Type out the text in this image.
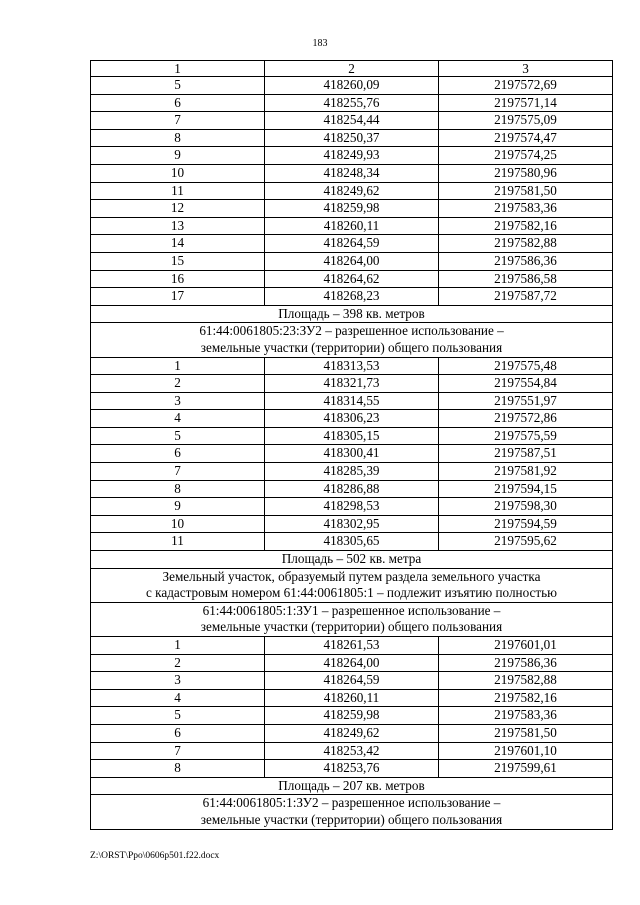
183
1	2	3
5	418260,09	2197572,69
6	418255,76	2197571,14
7	418254,44	2197575,09
8	418250,37	2197574,47
9	418249,93	2197574,25
10	418248,34	2197580,96
11	418249,62	2197581,50
12	418259,98	2197583,36
13	418260,11	2197582,16
14	418264,59	2197582,88
15	418264,00	2197586,36
16	418264,62	2197586,58
17	418268,23	2197587,72

Площадь – 398 кв. метров		

61:44:0061805:23:ЗУ2 – разрешенное использование –
земельные участки (территории) общего пользования		

1	418313,53	2197575,48
2	418321,73	2197554,84
3	418314,55	2197551,97
4	418306,23	2197572,86
5	418305,15	2197575,59
6	418300,41	2197587,51
7	418285,39	2197581,92
8	418286,88	2197594,15
9	418298,53	2197598,30
10	418302,95	2197594,59
11	418305,65	2197595,62

Площадь – 502 кв. метра		

Земельный участок, образуемый путем раздела земельного участка
с кадастровым номером 61:44:0061805:1 – подлежит изъятию полностью		

61:44:0061805:1:ЗУ1 – разрешенное использование –
земельные участки (территории) общего пользования		

1	418261,53	2197601,01
2	418264,00	2197586,36
3	418264,59	2197582,88
4	418260,11	2197582,16
5	418259,98	2197583,36
6	418249,62	2197581,50
7	418253,42	2197601,10
8	418253,76	2197599,61

Площадь – 207 кв. метров		

61:44:0061805:1:ЗУ2 – разрешенное использование –
земельные участки (территории) общего пользования		
Z:\ORST\Ppo\0606p501.f22.docx
